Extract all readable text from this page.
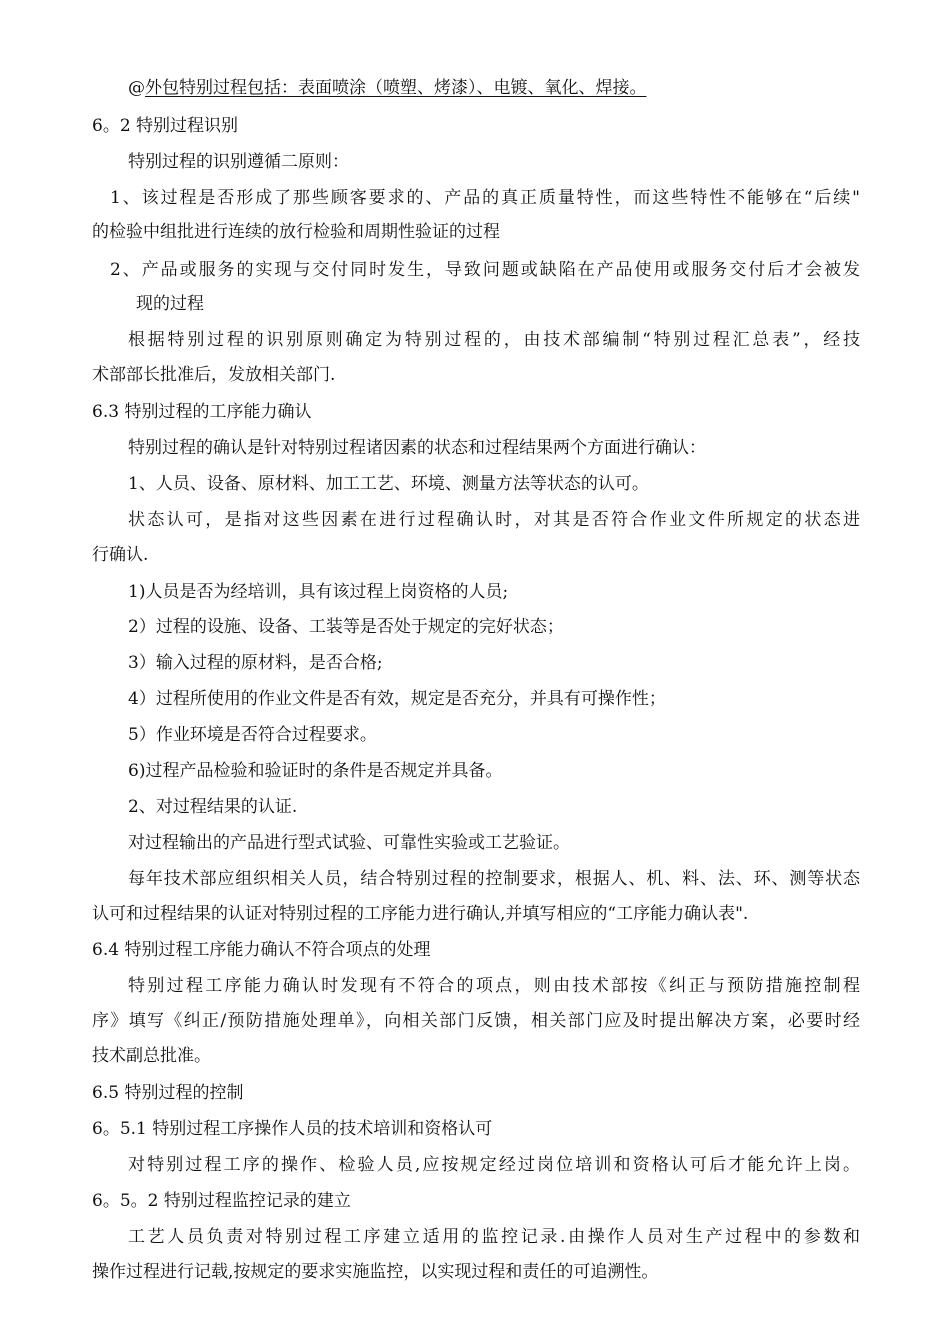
@外包特别过程包括：表面喷涂（喷塑、烤漆）、电镀、氧化、焊接。
6。2 特别过程识别
特别过程的识别遵循二原则：
1、该过程是否形成了那些顾客要求的、产品的真正质量特性，而这些特性不能够在“后续"
的检验中组批进行连续的放行检验和周期性验证的过程
2、产品或服务的实现与交付同时发生，导致问题或缺陷在产品使用或服务交付后才会被发
现的过程
根据特别过程的识别原则确定为特别过程的，由技术部编制“特别过程汇总表”，经技
术部部长批准后，发放相关部门.
6.3 特别过程的工序能力确认
特别过程的确认是针对特别过程诸因素的状态和过程结果两个方面进行确认：
1、人员、设备、原材料、加工工艺、环境、测量方法等状态的认可。
状态认可，是指对这些因素在进行过程确认时，对其是否符合作业文件所规定的状态进
行确认.
1)人员是否为经培训，具有该过程上岗资格的人员;
2）过程的设施、设备、工装等是否处于规定的完好状态；
3）输入过程的原材料，是否合格;
4）过程所使用的作业文件是否有效，规定是否充分，并具有可操作性；
5）作业环境是否符合过程要求。
6)过程产品检验和验证时的条件是否规定并具备。
2、对过程结果的认证.
对过程输出的产品进行型式试验、可靠性实验或工艺验证。
每年技术部应组织相关人员，结合特别过程的控制要求，根据人、机、料、法、环、测等状态
认可和过程结果的认证对特别过程的工序能力进行确认,并填写相应的“工序能力确认表".
6.4 特别过程工序能力确认不符合项点的处理
特别过程工序能力确认时发现有不符合的项点，则由技术部按《纠正与预防措施控制程
序》填写《纠正/预防措施处理单》，向相关部门反馈，相关部门应及时提出解决方案，必要时经
技术副总批准。
6.5 特别过程的控制
6。5.1 特别过程工序操作人员的技术培训和资格认可
对特别过程工序的操作、检验人员,应按规定经过岗位培训和资格认可后才能允许上岗。
6。5。2 特别过程监控记录的建立
工艺人员负责对特别过程工序建立适用的监控记录.由操作人员对生产过程中的参数和
操作过程进行记载,按规定的要求实施监控，以实现过程和责任的可追溯性。
